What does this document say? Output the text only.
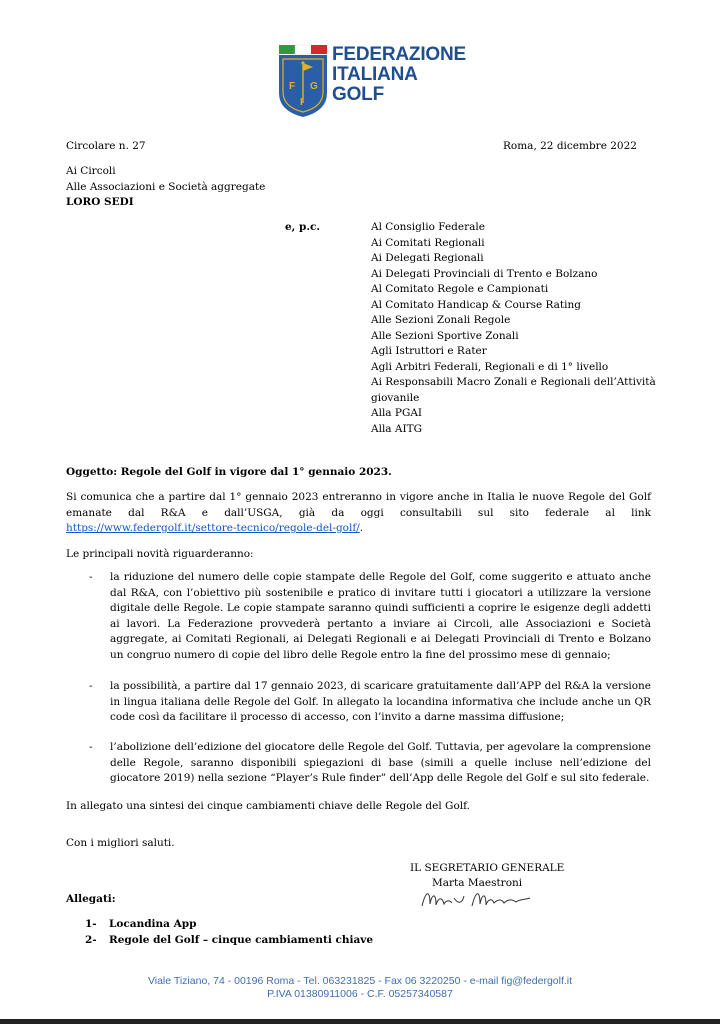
F G
I
FEDERAZIONE
ITALIANA
GOLF
Circolare n. 27	Roma, 22 dicembre 2022
Ai Circoli
Alle Associazioni e Società aggregate
LORO SEDI
e, p.c.	Al Consiglio Federale
Ai Comitati Regionali
Ai Delegati Regionali
Ai Delegati Provinciali di Trento e Bolzano
Al Comitato Regole e Campionati
Al Comitato Handicap & Course Rating
Alle Sezioni Zonali Regole
Alle Sezioni Sportive Zonali
Agli Istruttori e Rater
Agli Arbitri Federali, Regionali e di 1° livello
Ai Responsabili Macro Zonali e Regionali dell’Attività giovanile
Alla PGAI
Alla AITG
Oggetto: Regole del Golf in vigore dal 1° gennaio 2023.
Si comunica che a partire dal 1° gennaio 2023 entreranno in vigore anche in Italia le nuove Regole del Golf emanate dal R&A e dall’USGA, già da oggi consultabili sul sito federale al link https://www.federgolf.it/settore-tecnico/regole-del-golf/.
Le principali novità riguarderanno:
- la riduzione del numero delle copie stampate delle Regole del Golf, come suggerito e attuato anche dal R&A, con l’obiettivo più sostenibile e pratico di invitare tutti i giocatori a utilizzare la versione digitale delle Regole. Le copie stampate saranno quindi sufficienti a coprire le esigenze degli addetti ai lavori. La Federazione provvederà pertanto a inviare ai Circoli, alle Associazioni e Società aggregate, ai Comitati Regionali, ai Delegati Regionali e ai Delegati Provinciali di Trento e Bolzano un congruo numero di copie del libro delle Regole entro la fine del prossimo mese di gennaio;
- la possibilità, a partire dal 17 gennaio 2023, di scaricare gratuitamente dall’APP del R&A la versione in lingua italiana delle Regole del Golf. In allegato la locandina informativa che include anche un QR code così da facilitare il processo di accesso, con l’invito a darne massima diffusione;
- l’abolizione dell’edizione del giocatore delle Regole del Golf. Tuttavia, per agevolare la comprensione delle Regole, saranno disponibili spiegazioni di base (simili a quelle incluse nell’edizione del giocatore 2019) nella sezione “Player’s Rule finder” dell’App delle Regole del Golf e sul sito federale.
In allegato una sintesi dei cinque cambiamenti chiave delle Regole del Golf.
Con i migliori saluti.
IL SEGRETARIO GENERALE
Marta Maestroni
Allegati:
1- Locandina App
2- Regole del Golf – cinque cambiamenti chiave
Viale Tiziano, 74 - 00196 Roma - Tel. 063231825 - Fax 06 3220250 - e-mail fig@federgolf.it
P.IVA 01380911006 - C.F. 05257340587
